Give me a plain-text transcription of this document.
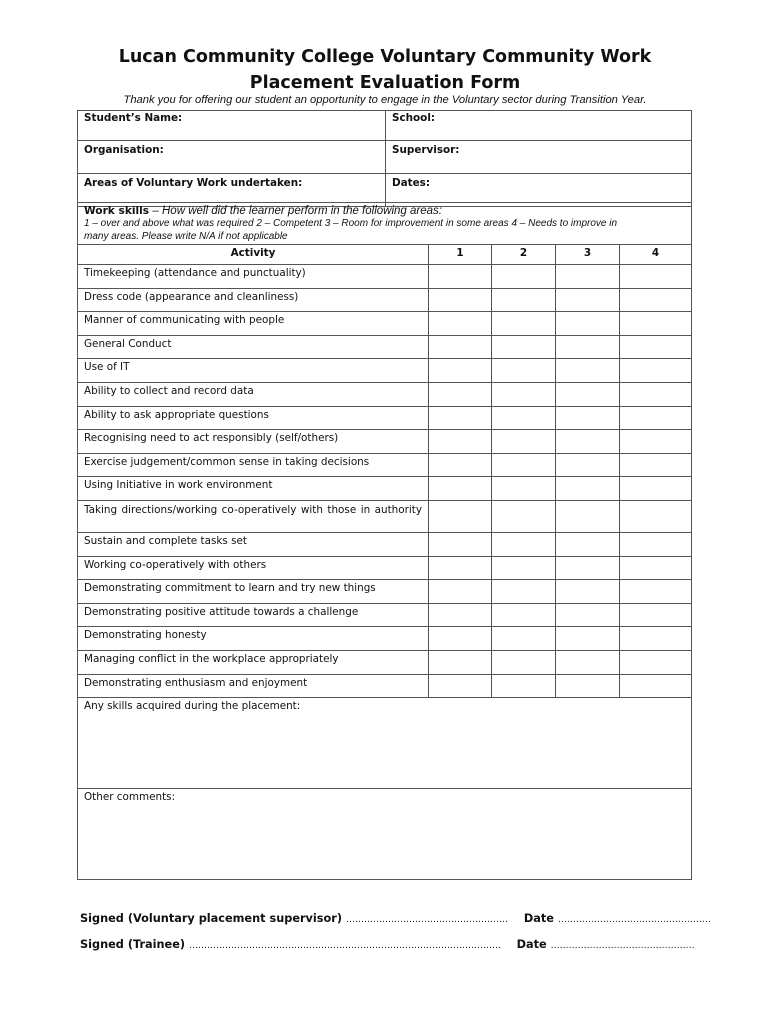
Lucan Community College Voluntary Community Work
Placement Evaluation Form
Thank you for offering our student an opportunity to engage in the Voluntary sector during Transition Year.
Student’s Name:	School:
Organisation:	Supervisor:
Areas of Voluntary Work undertaken:	Dates:
Work skills – How well did the learner perform in the following areas:
1 – over and above what was required 2 – Competent 3 – Room for improvement in some areas 4 – Needs to improve in
many areas. Please write N/A if not applicable				

Activity	1	2	3	4
Timekeeping (attendance and punctuality)				
Dress code (appearance and cleanliness)				
Manner of communicating with people				
General Conduct				
Use of IT				
Ability to collect and record data				
Ability to ask appropriate questions				
Recognising need to act responsibly (self/others)				
Exercise judgement/common sense in taking decisions				
Using Initiative in work environment				
Taking directions/working co-operatively with those in authority				
Sustain and complete tasks set				
Working co-operatively with others				
Demonstrating commitment to learn and try new things				
Demonstrating positive attitude towards a challenge				
Demonstrating honesty				
Managing conflict in the workplace appropriately				
Demonstrating enthusiasm and enjoyment				
Any skills acquired during the placement:				
Other comments:				
Signed (Voluntary placement supervisor) ……………………………………………… Date ……………………………………………
Signed (Trainee) ………………………………………………………………………………………….. Date …………………………………………
